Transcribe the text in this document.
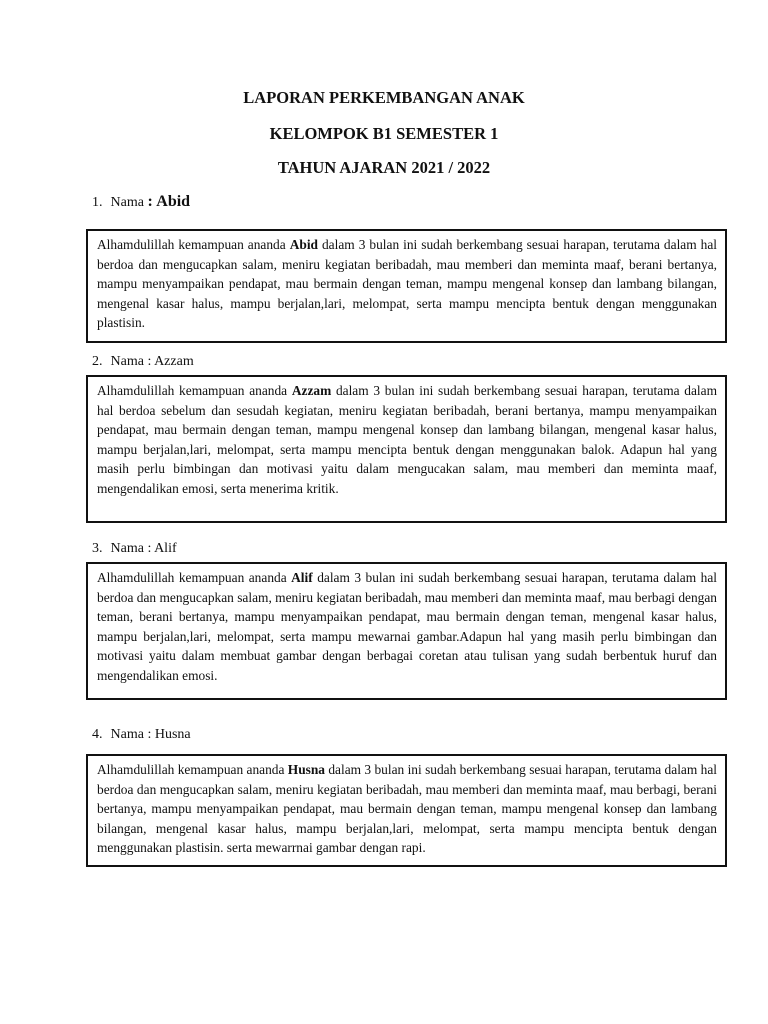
LAPORAN PERKEMBANGAN ANAK
KELOMPOK B1 SEMESTER 1
TAHUN AJARAN 2021 / 2022
1. Nama : Abid
Alhamdulillah kemampuan ananda Abid dalam 3 bulan ini sudah berkembang sesuai harapan, terutama dalam hal berdoa dan mengucapkan salam, meniru kegiatan beribadah, mau memberi dan meminta maaf, berani bertanya, mampu menyampaikan pendapat, mau bermain dengan teman, mampu mengenal konsep dan lambang bilangan, mengenal kasar halus, mampu berjalan,lari, melompat, serta mampu mencipta bentuk dengan menggunakan plastisin.
2. Nama : Azzam
Alhamdulillah kemampuan ananda Azzam dalam 3 bulan ini sudah berkembang sesuai harapan, terutama dalam hal berdoa sebelum dan sesudah kegiatan, meniru kegiatan beribadah, berani bertanya, mampu menyampaikan pendapat, mau bermain dengan teman, mampu mengenal konsep dan lambang bilangan, mengenal kasar halus, mampu berjalan,lari, melompat, serta mampu mencipta bentuk dengan menggunakan balok. Adapun hal yang masih perlu bimbingan dan motivasi yaitu dalam mengucakan salam, mau memberi dan meminta maaf, mengendalikan emosi, serta menerima kritik.
3. Nama : Alif
Alhamdulillah kemampuan ananda Alif dalam 3 bulan ini sudah berkembang sesuai harapan, terutama dalam hal berdoa dan mengucapkan salam, meniru kegiatan beribadah, mau memberi dan meminta maaf, mau berbagi dengan teman, berani bertanya, mampu menyampaikan pendapat, mau bermain dengan teman, mengenal kasar halus, mampu berjalan,lari, melompat, serta mampu mewarnai gambar.Adapun hal yang masih perlu bimbingan dan motivasi yaitu dalam membuat gambar dengan berbagai coretan atau tulisan yang sudah berbentuk huruf dan mengendalikan emosi.
4. Nama : Husna
Alhamdulillah kemampuan ananda Husna dalam 3 bulan ini sudah berkembang sesuai harapan, terutama dalam hal berdoa dan mengucapkan salam, meniru kegiatan beribadah, mau memberi dan meminta maaf, mau berbagi, berani bertanya, mampu menyampaikan pendapat, mau bermain dengan teman, mampu mengenal konsep dan lambang bilangan, mengenal kasar halus, mampu berjalan,lari, melompat, serta mampu mencipta bentuk dengan menggunakan plastisin. serta mewarrnai gambar dengan rapi.
